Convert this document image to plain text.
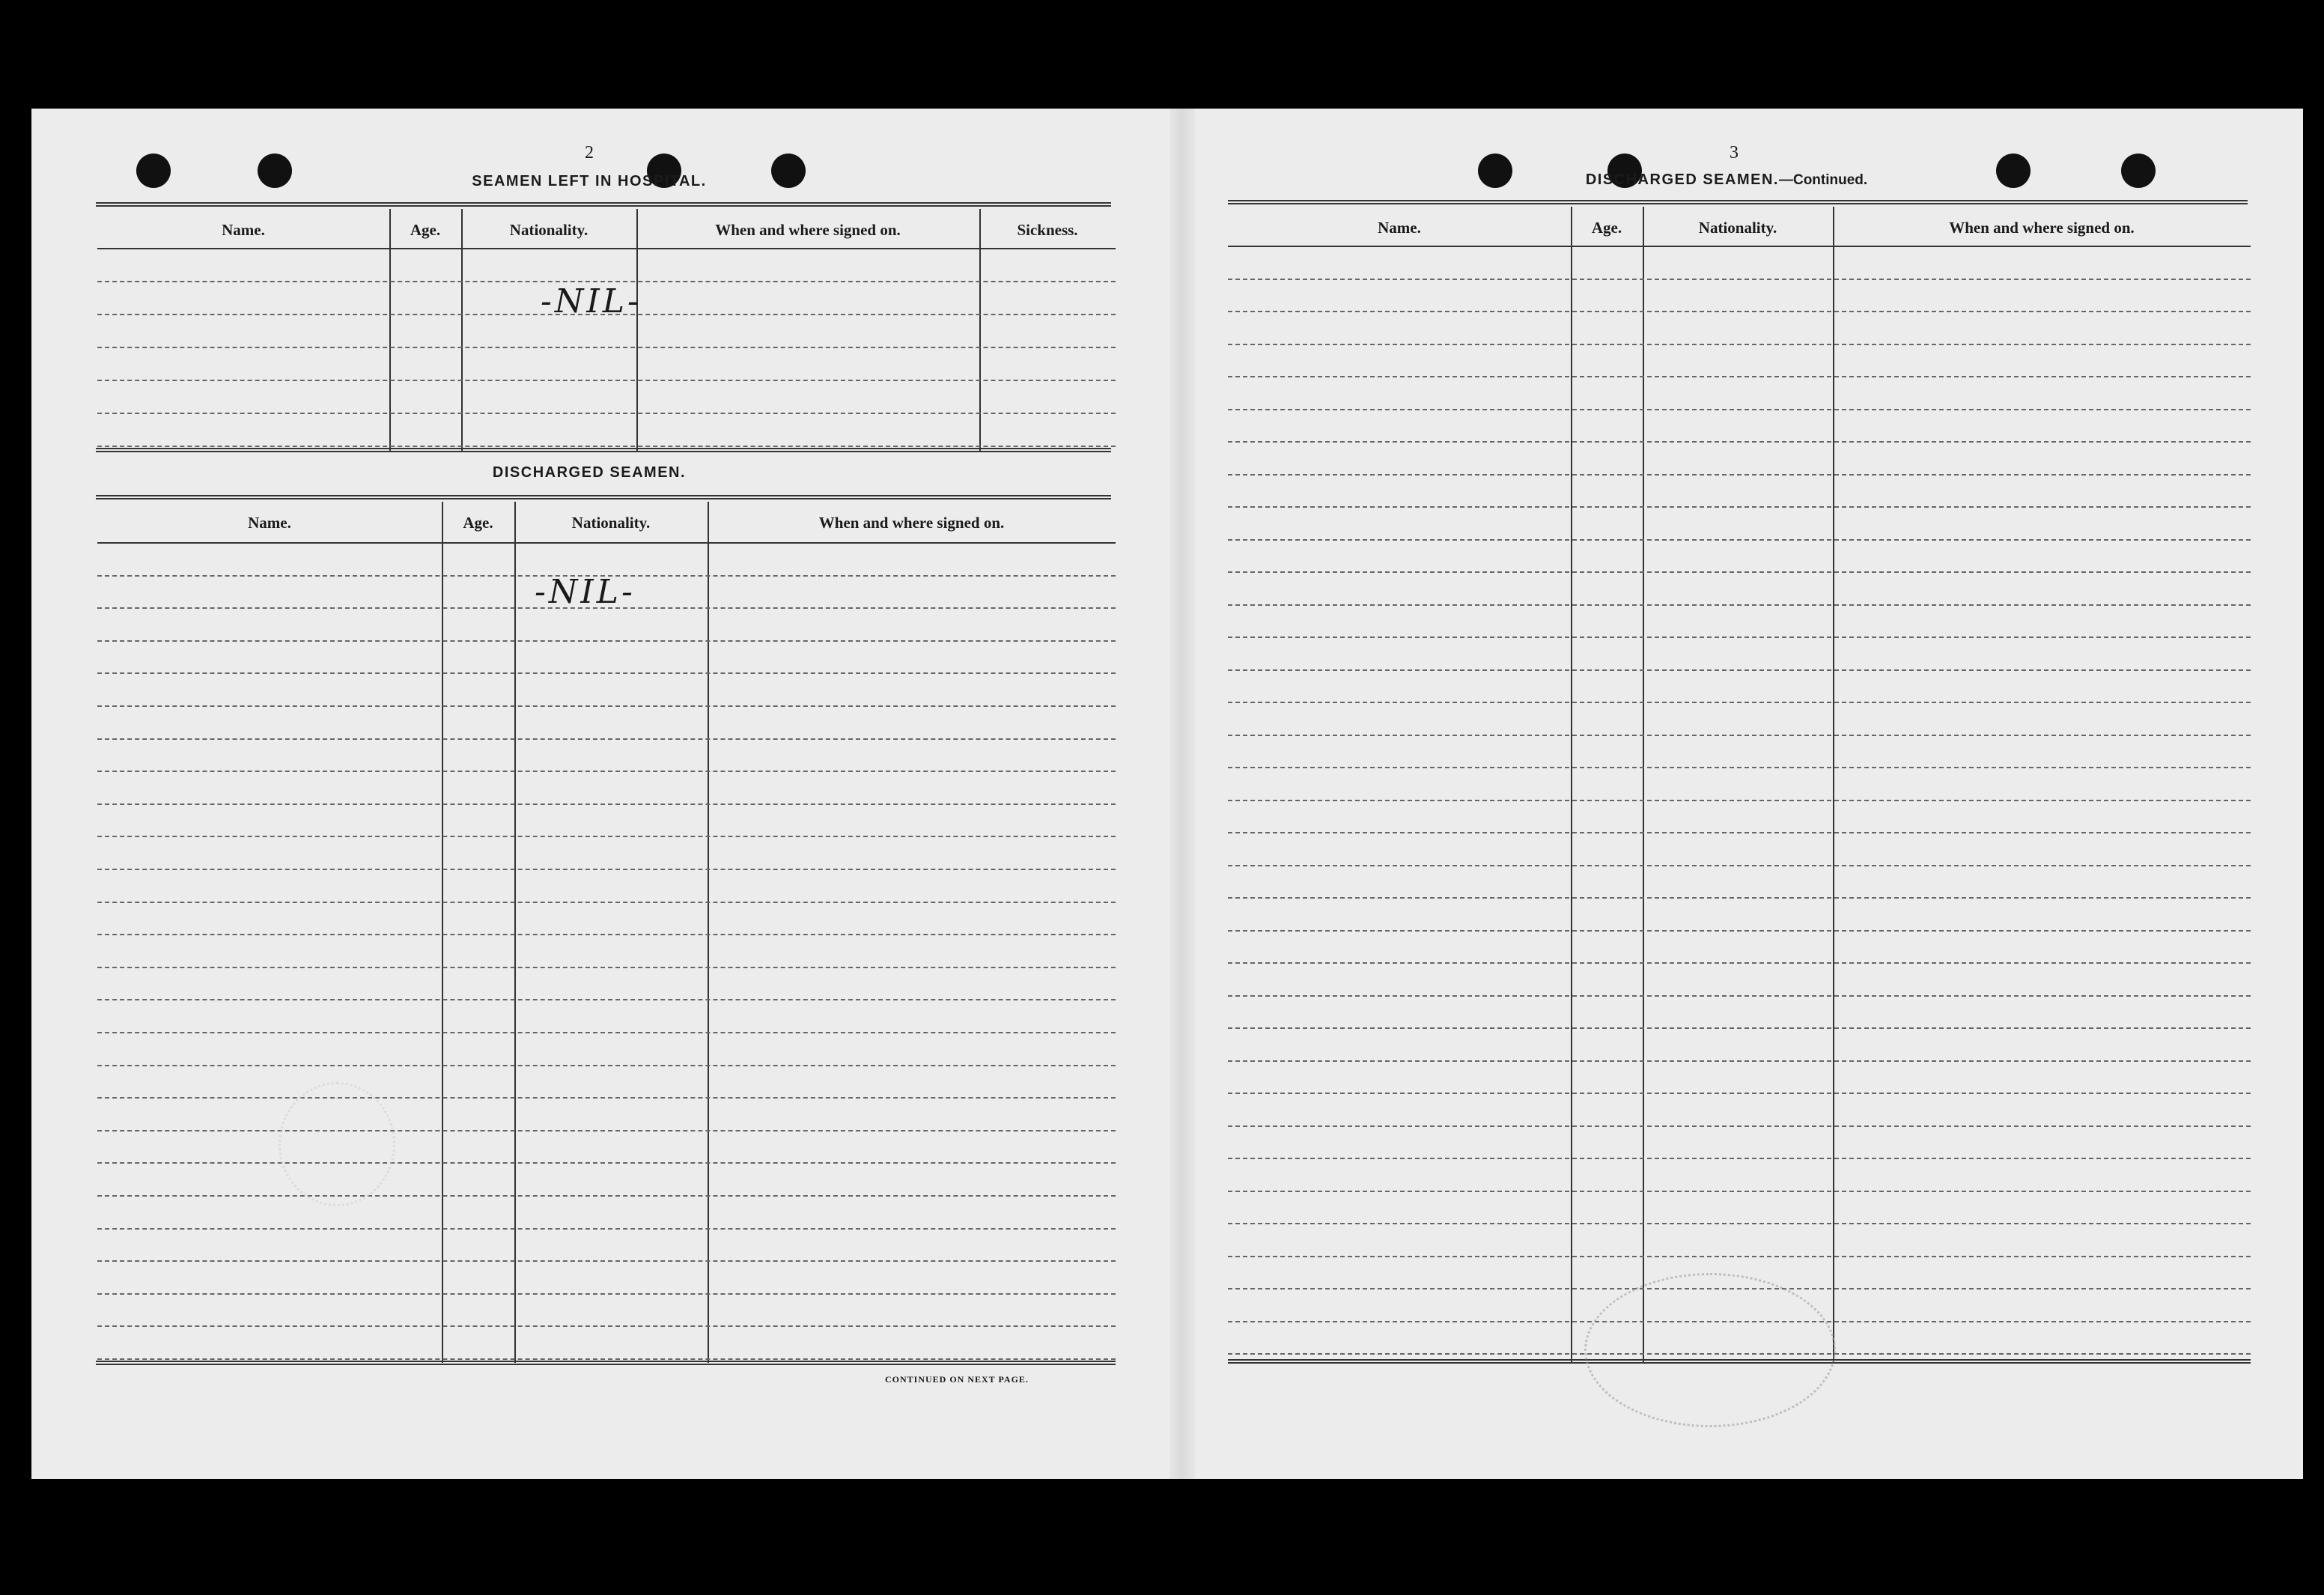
2
SEAMEN LEFT IN HOSPITAL.
Name.	Age.	Nationality.	When and where signed on.	Sickness.
-NIL-
DISCHARGED SEAMEN.
Name.	Age.	Nationality.	When and where signed on.
-NIL-
CONTINUED ON NEXT PAGE.
3
DISCHARGED SEAMEN.—Continued.
Name.	Age.	Nationality.	When and where signed on.
